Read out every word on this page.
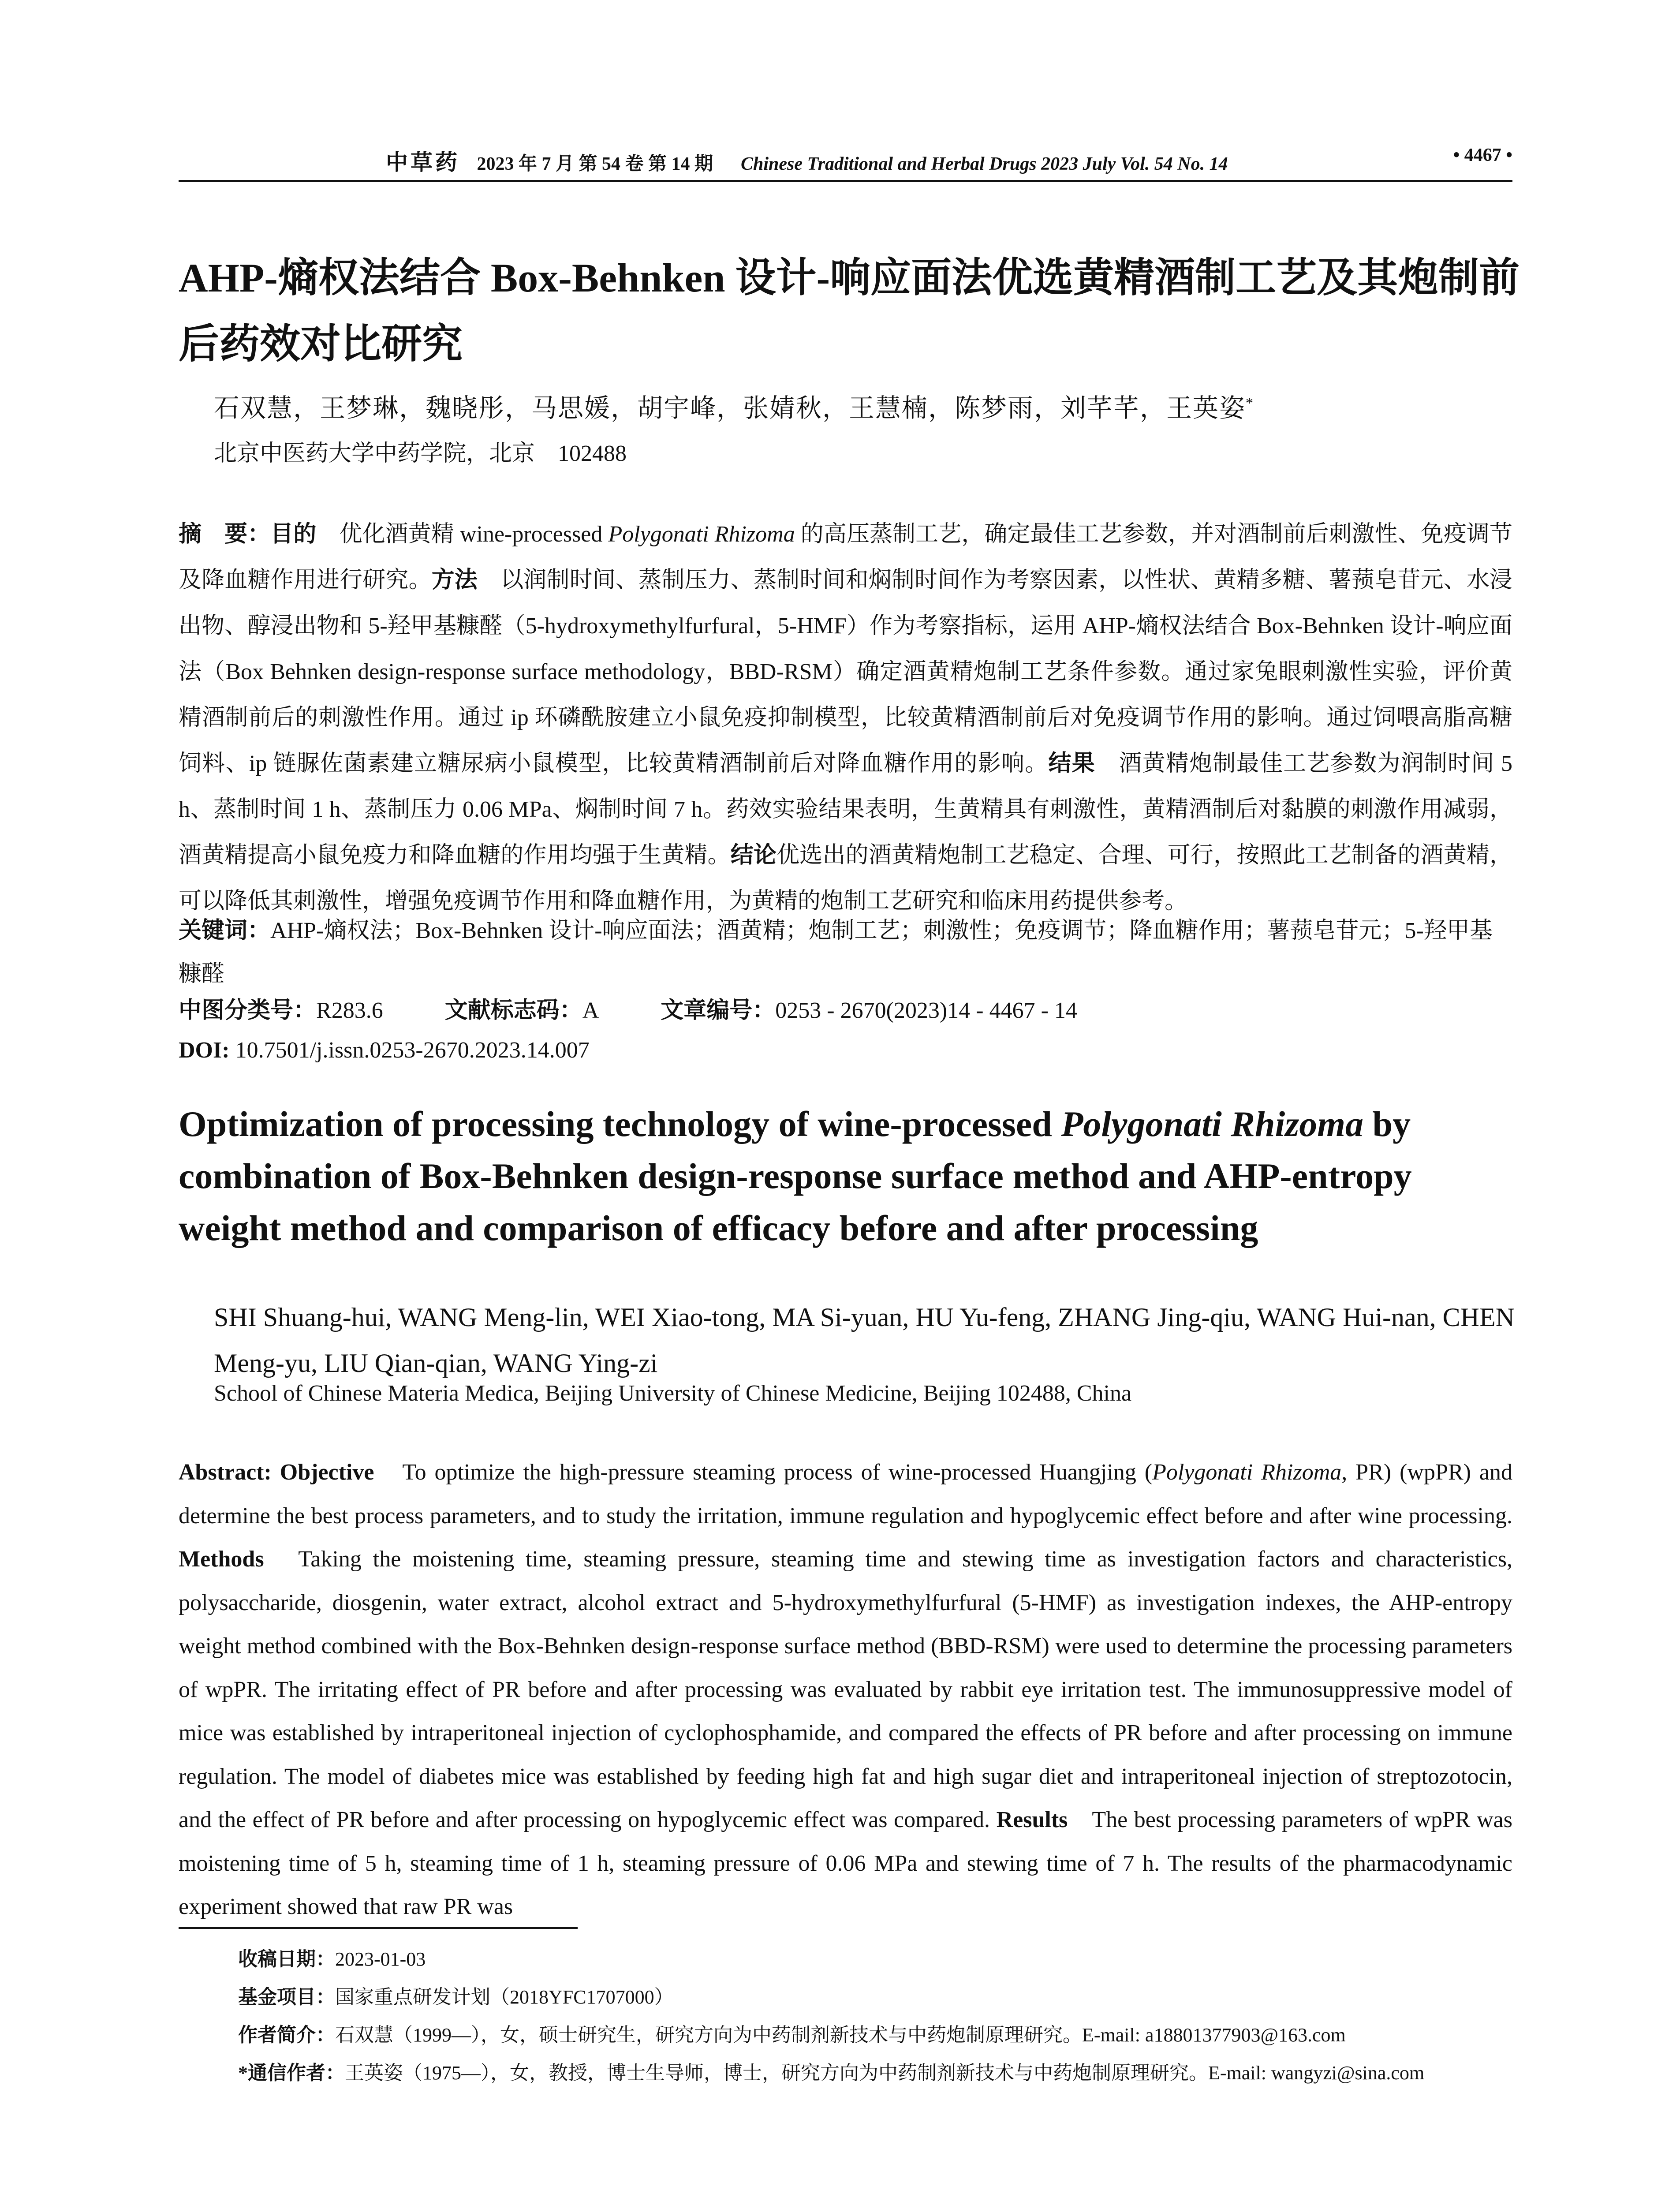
中草药 2023 年 7 月 第 54 卷 第 14 期   Chinese Traditional and Herbal Drugs 2023 July Vol. 54 No. 14	• 4467 •
AHP-熵权法结合 Box-Behnken 设计-响应面法优选黄精酒制工艺及其炮制前后药效对比研究
石双慧，王梦琳，魏晓彤，马思媛，胡宇峰，张婧秋，王慧楠，陈梦雨，刘芊芊，王英姿*
北京中医药大学中药学院，北京　102488
摘　要：目的　优化酒黄精 wine-processed Polygonati Rhizoma 的高压蒸制工艺，确定最佳工艺参数，并对酒制前后刺激性、免疫调节及降血糖作用进行研究。方法　以润制时间、蒸制压力、蒸制时间和焖制时间作为考察因素，以性状、黄精多糖、薯蓣皂苷元、水浸出物、醇浸出物和 5-羟甲基糠醛（5-hydroxymethylfurfural，5-HMF）作为考察指标，运用 AHP-熵权法结合 Box-Behnken 设计-响应面法（Box Behnken design-response surface methodology，BBD-RSM）确定酒黄精炮制工艺条件参数。通过家兔眼刺激性实验，评价黄精酒制前后的刺激性作用。通过 ip 环磷酰胺建立小鼠免疫抑制模型，比较黄精酒制前后对免疫调节作用的影响。通过饲喂高脂高糖饲料、ip 链脲佐菌素建立糖尿病小鼠模型，比较黄精酒制前后对降血糖作用的影响。结果　酒黄精炮制最佳工艺参数为润制时间 5 h、蒸制时间 1 h、蒸制压力 0.06 MPa、焖制时间 7 h。药效实验结果表明，生黄精具有刺激性，黄精酒制后对黏膜的刺激作用减弱，酒黄精提高小鼠免疫力和降血糖的作用均强于生黄精。结论优选出的酒黄精炮制工艺稳定、合理、可行，按照此工艺制备的酒黄精，可以降低其刺激性，增强免疫调节作用和降血糖作用，为黄精的炮制工艺研究和临床用药提供参考。
关键词：AHP-熵权法；Box-Behnken 设计-响应面法；酒黄精；炮制工艺；刺激性；免疫调节；降血糖作用；薯蓣皂苷元；5-羟甲基糠醛
中图分类号：R283.6	文献标志码：A	文章编号：0253 - 2670(2023)14 - 4467 - 14
DOI: 10.7501/j.issn.0253-2670.2023.14.007
Optimization of processing technology of wine-processed Polygonati Rhizoma by combination of Box-Behnken design-response surface method and AHP-entropy weight method and comparison of efficacy before and after processing
SHI Shuang-hui, WANG Meng-lin, WEI Xiao-tong, MA Si-yuan, HU Yu-feng, ZHANG Jing-qiu, WANG Hui-nan, CHEN Meng-yu, LIU Qian-qian, WANG Ying-zi
School of Chinese Materia Medica, Beijing University of Chinese Medicine, Beijing 102488, China
Abstract: Objective　To optimize the high-pressure steaming process of wine-processed Huangjing (Polygonati Rhizoma, PR) (wpPR) and determine the best process parameters, and to study the irritation, immune regulation and hypoglycemic effect before and after wine processing. Methods　Taking the moistening time, steaming pressure, steaming time and stewing time as investigation factors and characteristics, polysaccharide, diosgenin, water extract, alcohol extract and 5-hydroxymethylfurfural (5-HMF) as investigation indexes, the AHP-entropy weight method combined with the Box-Behnken design-response surface method (BBD-RSM) were used to determine the processing parameters of wpPR. The irritating effect of PR before and after processing was evaluated by rabbit eye irritation test. The immunosuppressive model of mice was established by intraperitoneal injection of cyclophosphamide, and compared the effects of PR before and after processing on immune regulation. The model of diabetes mice was established by feeding high fat and high sugar diet and intraperitoneal injection of streptozotocin, and the effect of PR before and after processing on hypoglycemic effect was compared. Results　The best processing parameters of wpPR was moistening time of 5 h, steaming time of 1 h, steaming pressure of 0.06 MPa and stewing time of 7 h. The results of the pharmacodynamic experiment showed that raw PR was
收稿日期：2023-01-03
基金项目：国家重点研发计划（2018YFC1707000）
作者简介：石双慧（1999—），女，硕士研究生，研究方向为中药制剂新技术与中药炮制原理研究。E-mail: a18801377903@163.com
*通信作者：王英姿（1975—），女，教授，博士生导师，博士，研究方向为中药制剂新技术与中药炮制原理研究。E-mail: wangyzi@sina.com
